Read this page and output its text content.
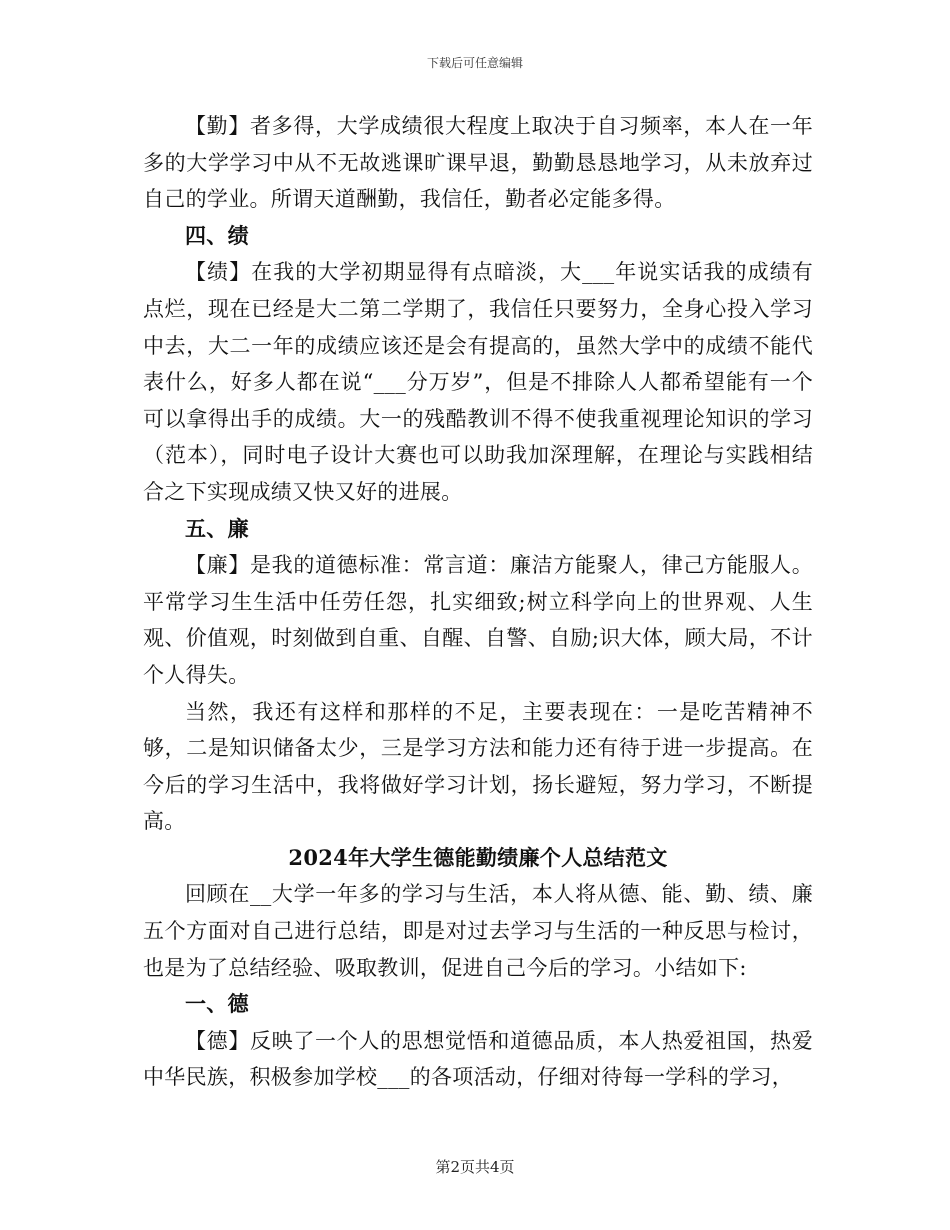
下载后可任意编辑

【勤】者多得，大学成绩很大程度上取决于自习频率，本人在一年多的大学学习中从不无故逃课旷课早退，勤勤恳恳地学习，从未放弃过自己的学业。所谓天道酬勤，我信任，勤者必定能多得。

四、绩

【绩】在我的大学初期显得有点暗淡，大___年说实话我的成绩有点烂，现在已经是大二第二学期了，我信任只要努力，全身心投入学习中去，大二一年的成绩应该还是会有提高的，虽然大学中的成绩不能代表什么，好多人都在说“___分万岁”，但是不排除人人都希望能有一个可以拿得出手的成绩。大一的残酷教训不得不使我重视理论知识的学习（范本），同时电子设计大赛也可以助我加深理解，在理论与实践相结合之下实现成绩又快又好的进展。

五、廉

【廉】是我的道德标准：常言道：廉洁方能聚人，律己方能服人。平常学习生生活中任劳任怨，扎实细致;树立科学向上的世界观、人生观、价值观，时刻做到自重、自醒、自警、自励;识大体，顾大局，不计个人得失。

当然，我还有这样和那样的不足，主要表现在：一是吃苦精神不够，二是知识储备太少，三是学习方法和能力还有待于进一步提高。在今后的学习生活中，我将做好学习计划，扬长避短，努力学习，不断提高。

2024年大学生德能勤绩廉个人总结范文

回顾在__大学一年多的学习与生活，本人将从德、能、勤、绩、廉五个方面对自己进行总结，即是对过去学习与生活的一种反思与检讨，也是为了总结经验、吸取教训，促进自己今后的学习。小结如下:

一、德

【德】反映了一个人的思想觉悟和道德品质，本人热爱祖国，热爱中华民族，积极参加学校___的各项活动，仔细对待每一学科的学习，

第2页共4页
